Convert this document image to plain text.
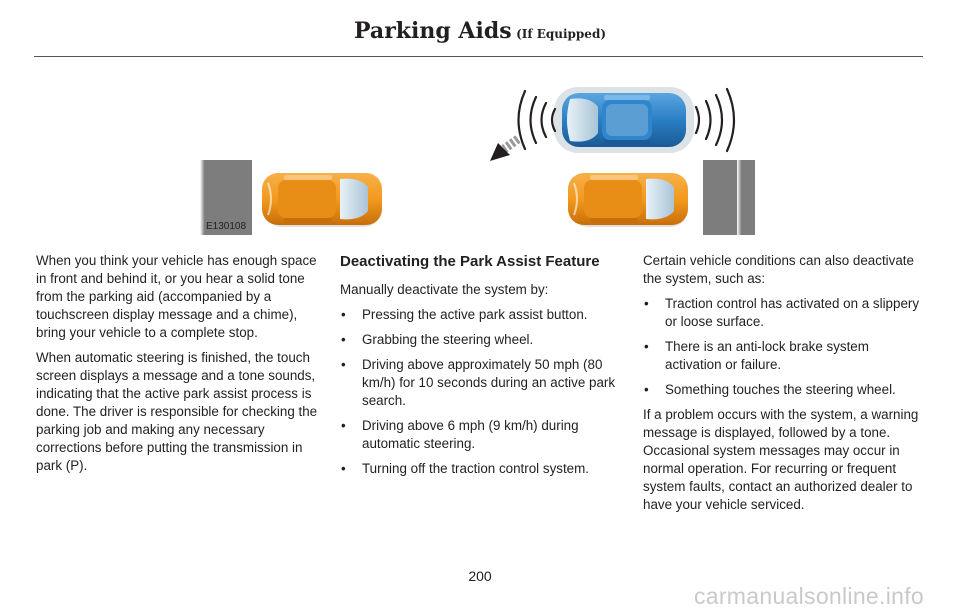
Parking Aids (If Equipped)
E130108

When you think your vehicle has enough space in front and behind it, or you hear a solid tone from the parking aid (accompanied by a touchscreen display message and a chime), bring your vehicle to a complete stop.

When automatic steering is finished, the touch screen displays a message and a tone sounds, indicating that the active park assist process is done. The driver is responsible for checking the parking job and making any necessary corrections before putting the transmission in park (P).

Deactivating the Park Assist Feature

Manually deactivate the system by:

• Pressing the active park assist button.
• Grabbing the steering wheel.
• Driving above approximately 50 mph (80 km/h) for 10 seconds during an active park search.
• Driving above 6 mph (9 km/h) during automatic steering.
• Turning off the traction control system.

Certain vehicle conditions can also deactivate the system, such as:

• Traction control has activated on a slippery or loose surface.
• There is an anti-lock brake system activation or failure.
• Something touches the steering wheel.

If a problem occurs with the system, a warning message is displayed, followed by a tone. Occasional system messages may occur in normal operation. For recurring or frequent system faults, contact an authorized dealer to have your vehicle serviced.

200
carmanualsonline.info
